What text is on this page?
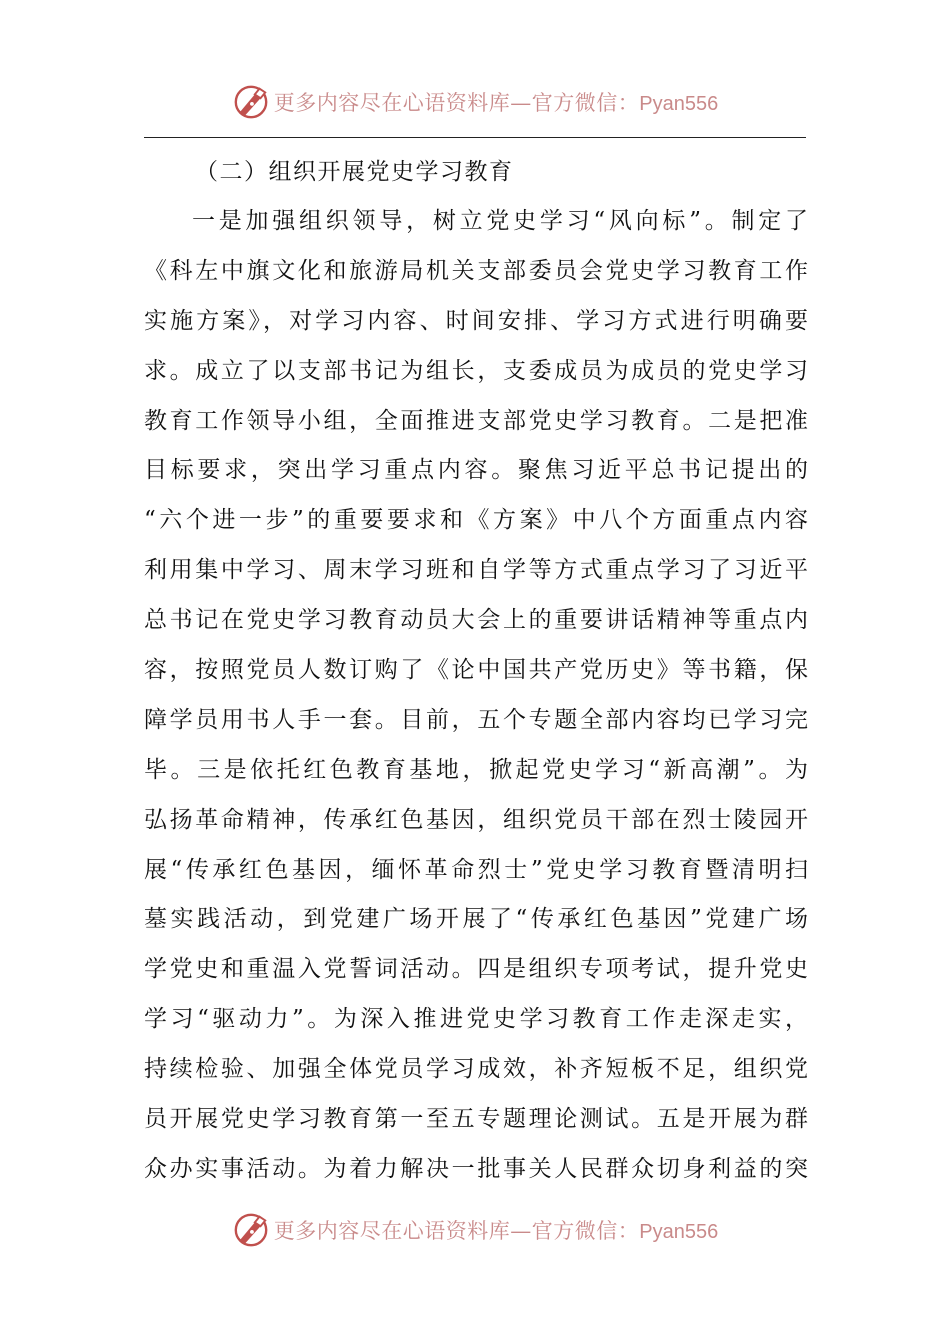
更多内容尽在心语资料库—官方微信：Pyan556
（二）组织开展党史学习教育
一是加强组织领导，树立党史学习“风向标”。制定了
《科左中旗文化和旅游局机关支部委员会党史学习教育工作
实施方案》，对学习内容、时间安排、学习方式进行明确要
求。成立了以支部书记为组长，支委成员为成员的党史学习
教育工作领导小组，全面推进支部党史学习教育。二是把准
目标要求，突出学习重点内容。聚焦习近平总书记提出的
“六个进一步”的重要要求和《方案》中八个方面重点内容
利用集中学习、周末学习班和自学等方式重点学习了习近平
总书记在党史学习教育动员大会上的重要讲话精神等重点内
容，按照党员人数订购了《论中国共产党历史》等书籍，保
障学员用书人手一套。目前，五个专题全部内容均已学习完
毕。三是依托红色教育基地，掀起党史学习“新高潮”。为
弘扬革命精神，传承红色基因，组织党员干部在烈士陵园开
展“传承红色基因，缅怀革命烈士”党史学习教育暨清明扫
墓实践活动，到党建广场开展了“传承红色基因”党建广场
学党史和重温入党誓词活动。四是组织专项考试，提升党史
学习“驱动力”。为深入推进党史学习教育工作走深走实，
持续检验、加强全体党员学习成效，补齐短板不足，组织党
员开展党史学习教育第一至五专题理论测试。五是开展为群
众办实事活动。为着力解决一批事关人民群众切身利益的突
更多内容尽在心语资料库—官方微信：Pyan556
